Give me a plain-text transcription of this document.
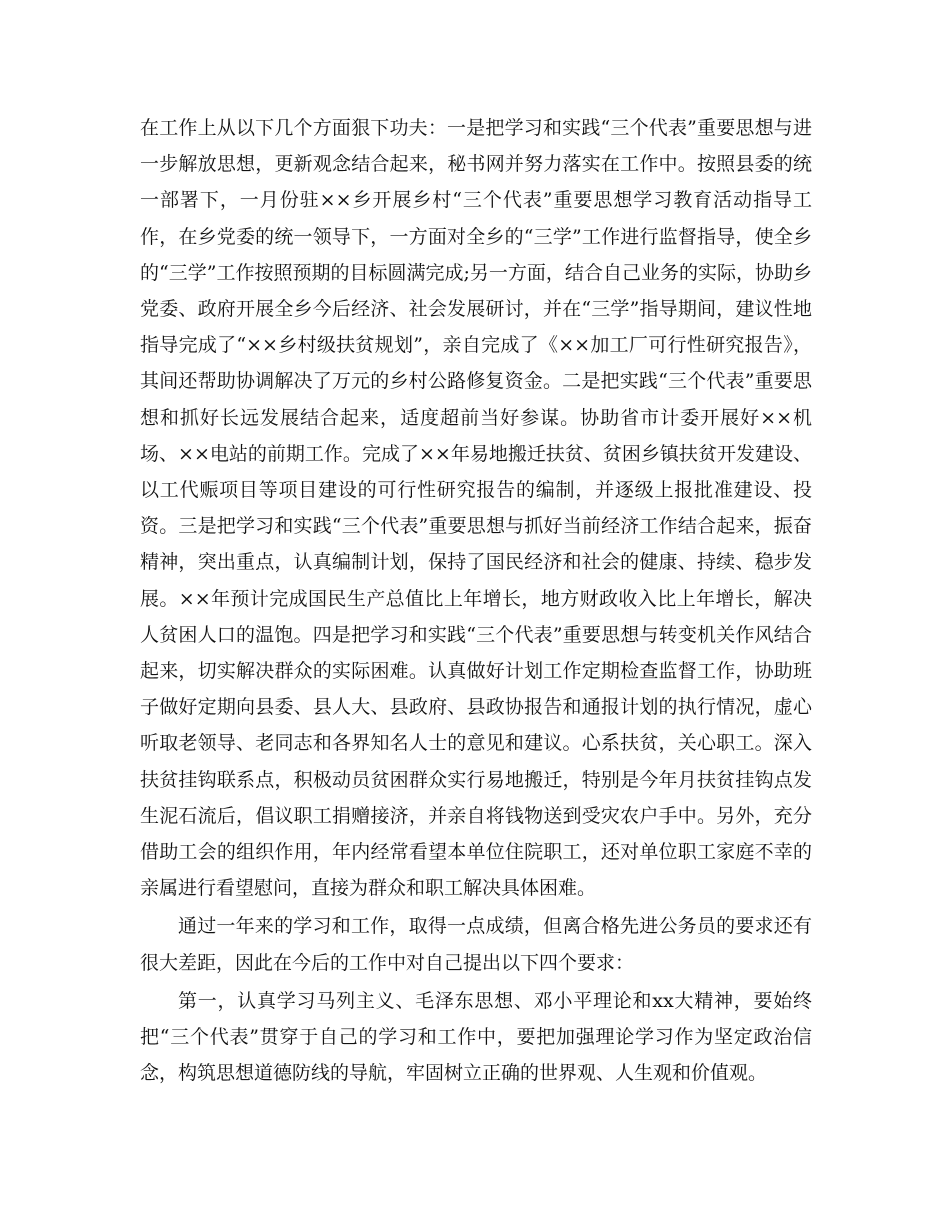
在工作上从以下几个方面狠下功夫：一是把学习和实践“三个代表”重要思想与进一步解放思想，更新观念结合起来，秘书网并努力落实在工作中。按照县委的统一部署下，一月份驻××乡开展乡村“三个代表”重要思想学习教育活动指导工作，在乡党委的统一领导下，一方面对全乡的“三学”工作进行监督指导，使全乡的“三学”工作按照预期的目标圆满完成;另一方面，结合自己业务的实际，协助乡党委、政府开展全乡今后经济、社会发展研讨，并在“三学”指导期间，建议性地指导完成了“××乡村级扶贫规划”，亲自完成了《××加工厂可行性研究报告》，其间还帮助协调解决了万元的乡村公路修复资金。二是把实践“三个代表”重要思想和抓好长远发展结合起来，适度超前当好参谋。协助省市计委开展好××机场、××电站的前期工作。完成了××年易地搬迁扶贫、贫困乡镇扶贫开发建设、以工代赈项目等项目建设的可行性研究报告的编制，并逐级上报批准建设、投资。三是把学习和实践“三个代表”重要思想与抓好当前经济工作结合起来，振奋精神，突出重点，认真编制计划，保持了国民经济和社会的健康、持续、稳步发展。××年预计完成国民生产总值比上年增长，地方财政收入比上年增长，解决人贫困人口的温饱。四是把学习和实践“三个代表”重要思想与转变机关作风结合起来，切实解决群众的实际困难。认真做好计划工作定期检查监督工作，协助班子做好定期向县委、县人大、县政府、县政协报告和通报计划的执行情况，虚心听取老领导、老同志和各界知名人士的意见和建议。心系扶贫，关心职工。深入扶贫挂钩联系点，积极动员贫困群众实行易地搬迁，特别是今年月扶贫挂钩点发生泥石流后，倡议职工捐赠接济，并亲自将钱物送到受灾农户手中。另外，充分借助工会的组织作用，年内经常看望本单位住院职工，还对单位职工家庭不幸的亲属进行看望慰问，直接为群众和职工解决具体困难。

通过一年来的学习和工作，取得一点成绩，但离合格先进公务员的要求还有很大差距，因此在今后的工作中对自己提出以下四个要求：

第一，认真学习马列主义、毛泽东思想、邓小平理论和xx大精神，要始终把“三个代表”贯穿于自己的学习和工作中，要把加强理论学习作为坚定政治信念，构筑思想道德防线的导航，牢固树立正确的世界观、人生观和价值观。
